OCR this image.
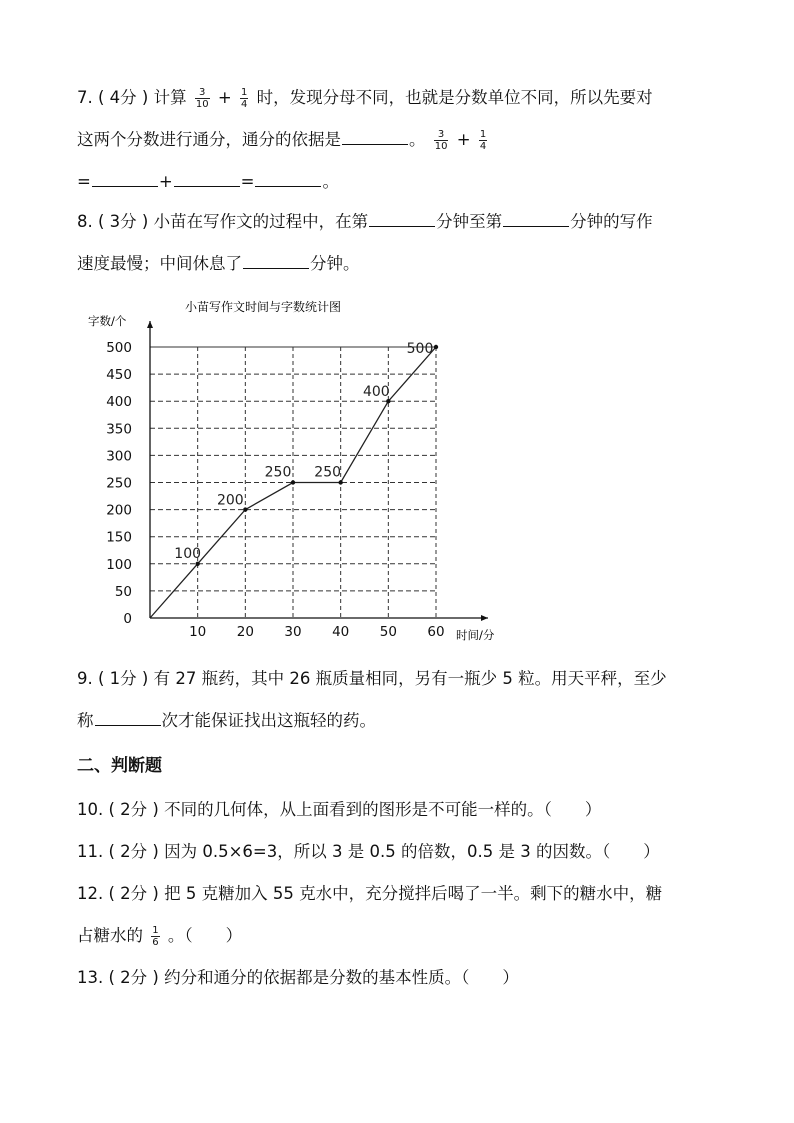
7. ( 4分 ) 计算 $\frac{3}{10} + \frac{1}{4}$ 时，发现分母不同，也就是分数单位不同，所以先要对
这两个分数进行通分，通分的依据是	。 $\frac{3}{10} + \frac{1}{4}$
=	+	=	。
8. ( 3分 ) 小苗在写作文的过程中，在第	分钟至第	分钟的写作
速度最慢；中间休息了	分钟。
小苗写作文时间与字数统计图
字数/个
时间/分
0
50
100
150
200
250
300
350
400
450
500
10 20 30 40 50 60
100
200
250 250
400
500
9. ( 1分 ) 有 27 瓶药，其中 26 瓶质量相同，另有一瓶少 5 粒。用天平秤，至少
称	次才能保证找出这瓶轻的药。
二、判断题
10. ( 2分 ) 不同的几何体，从上面看到的图形是不可能一样的。（　　）
11. ( 2分 ) 因为 0.5×6=3，所以 3 是 0.5 的倍数，0.5 是 3 的因数。（　　）
12. ( 2分 ) 把 5 克糖加入 55 克水中，充分搅拌后喝了一半。剩下的糖水中，糖
占糖水的 $\frac{1}{6}$ 。（　　）
13. ( 2分 ) 约分和通分的依据都是分数的基本性质。（　　）
